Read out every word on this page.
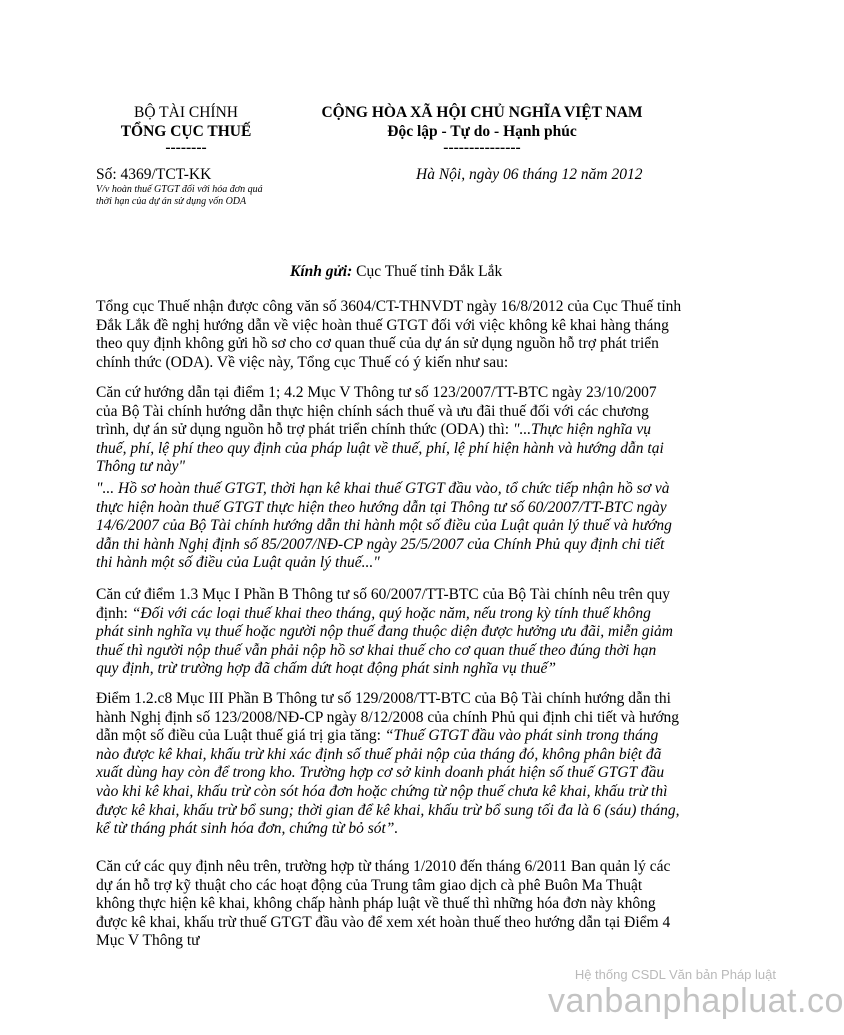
BỘ TÀI CHÍNH
TỔNG CỤC THUẾ
--------
CỘNG HÒA XÃ HỘI CHỦ NGHĨA VIỆT NAM
Độc lập - Tự do - Hạnh phúc
---------------
Số: 4369/TCT-KK
V/v hoàn thuế GTGT đối với hóa đơn quá thời hạn của dự án sử dụng vốn ODA
Hà Nội, ngày 06 tháng 12 năm 2012
Kính gửi: Cục Thuế tỉnh Đắk Lắk
Tổng cục Thuế nhận được công văn số 3604/CT-THNVDT ngày 16/8/2012 của Cục Thuế tỉnh Đắk Lắk đề nghị hướng dẫn về việc hoàn thuế GTGT đối với việc không kê khai hàng tháng theo quy định không gửi hồ sơ cho cơ quan thuế của dự án sử dụng nguồn hỗ trợ phát triển chính thức (ODA). Về việc này, Tổng cục Thuế có ý kiến như sau:
Căn cứ hướng dẫn tại điểm 1; 4.2 Mục V Thông tư số 123/2007/TT-BTC ngày 23/10/2007 của Bộ Tài chính hướng dẫn thực hiện chính sách thuế và ưu đãi thuế đối với các chương trình, dự án sử dụng nguồn hỗ trợ phát triển chính thức (ODA) thì: "...Thực hiện nghĩa vụ thuế, phí, lệ phí theo quy định của pháp luật về thuế, phí, lệ phí hiện hành và hướng dẫn tại Thông tư này"
"... Hồ sơ hoàn thuế GTGT, thời hạn kê khai thuế GTGT đầu vào, tổ chức tiếp nhận hồ sơ và thực hiện hoàn thuế GTGT thực hiện theo hướng dẫn tại Thông tư số 60/2007/TT-BTC ngày 14/6/2007 của Bộ Tài chính hướng dẫn thi hành một số điều của Luật quản lý thuế và hướng dẫn thi hành Nghị định số 85/2007/NĐ-CP ngày 25/5/2007 của Chính Phủ quy định chi tiết thi hành một số điều của Luật quản lý thuế..."
Căn cứ điểm 1.3 Mục I Phần B Thông tư số 60/2007/TT-BTC của Bộ Tài chính nêu trên quy định: “Đối với các loại thuế khai theo tháng, quý hoặc năm, nếu trong kỳ tính thuế không phát sinh nghĩa vụ thuế hoặc người nộp thuế đang thuộc diện được hưởng ưu đãi, miễn giảm thuế thì người nộp thuế vẫn phải nộp hồ sơ khai thuế cho cơ quan thuế theo đúng thời hạn quy định, trừ trường hợp đã chấm dứt hoạt động phát sinh nghĩa vụ thuế”
Điểm 1.2.c8 Mục III Phần B Thông tư số 129/2008/TT-BTC của Bộ Tài chính hướng dẫn thi hành Nghị định số 123/2008/NĐ-CP ngày 8/12/2008 của chính Phủ qui định chi tiết và hướng dẫn một số điều của Luật thuế giá trị gia tăng: “Thuế GTGT đầu vào phát sinh trong tháng nào được kê khai, khấu trừ khi xác định số thuế phải nộp của tháng đó, không phân biệt đã xuất dùng hay còn để trong kho. Trường hợp cơ sở kinh doanh phát hiện số thuế GTGT đầu vào khi kê khai, khấu trừ còn sót hóa đơn hoặc chứng từ nộp thuế chưa kê khai, khấu trừ thì được kê khai, khấu trừ bổ sung; thời gian để kê khai, khấu trừ bổ sung tối đa là 6 (sáu) tháng, kể từ tháng phát sinh hóa đơn, chứng từ bỏ sót”.
Căn cứ các quy định nêu trên, trường hợp từ tháng 1/2010 đến tháng 6/2011 Ban quản lý các dự án hỗ trợ kỹ thuật cho các hoạt động của Trung tâm giao dịch cà phê Buôn Ma Thuật không thực hiện kê khai, không chấp hành pháp luật về thuế thì những hóa đơn này không được kê khai, khấu trừ thuế GTGT đầu vào để xem xét hoàn thuế theo hướng dẫn tại Điểm 4 Mục V Thông tư
Hệ thống CSDL Văn bản Pháp luật
vanbanphapluat.co
